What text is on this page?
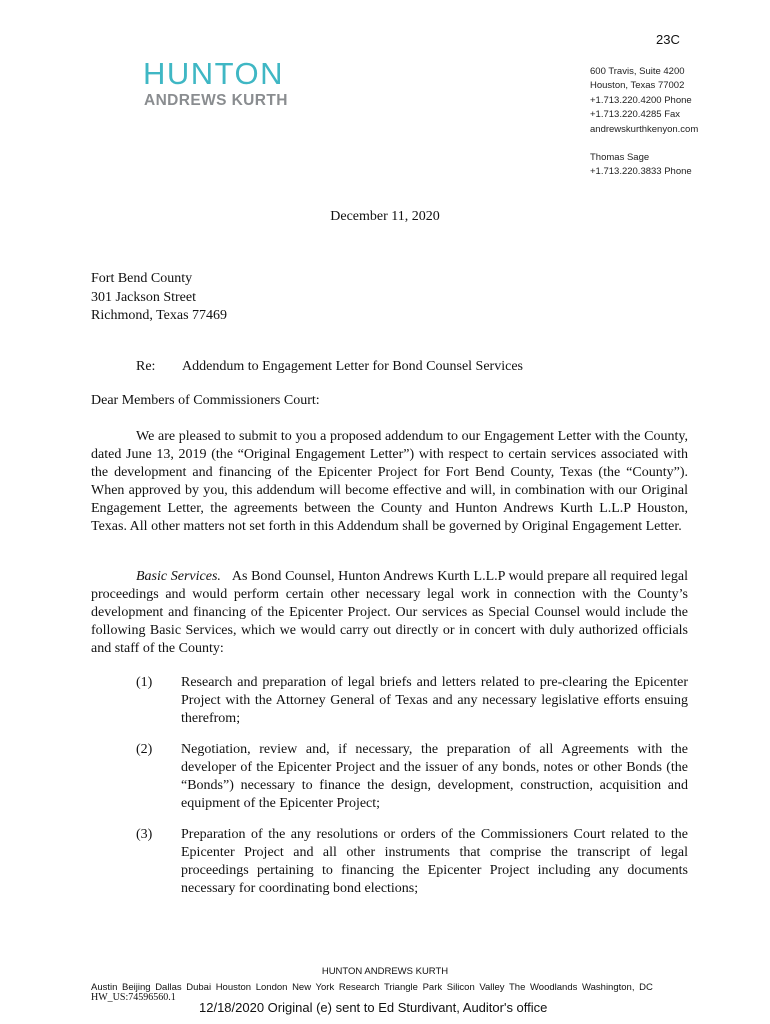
23C
HUNTON
ANDREWS KURTH
600 Travis, Suite 4200
Houston, Texas 77002
+1.713.220.4200 Phone
+1.713.220.4285 Fax
andrewskurthkenyon.com
Thomas Sage
+1.713.220.3833 Phone
December 11, 2020
Fort Bend County
301 Jackson Street
Richmond, Texas 77469
Re: Addendum to Engagement Letter for Bond Counsel Services
Dear Members of Commissioners Court:
We are pleased to submit to you a proposed addendum to our Engagement Letter with the County, dated June 13, 2019 (the “Original Engagement Letter”) with respect to certain services associated with the development and financing of the Epicenter Project for Fort Bend County, Texas (the “County”). When approved by you, this addendum will become effective and will, in combination with our Original Engagement Letter, the agreements between the County and Hunton Andrews Kurth L.L.P Houston, Texas. All other matters not set forth in this Addendum shall be governed by Original Engagement Letter.
Basic Services. As Bond Counsel, Hunton Andrews Kurth L.L.P would prepare all required legal proceedings and would perform certain other necessary legal work in connection with the County’s development and financing of the Epicenter Project. Our services as Special Counsel would include the following Basic Services, which we would carry out directly or in concert with duly authorized officials and staff of the County:
(1) Research and preparation of legal briefs and letters related to pre-clearing the Epicenter Project with the Attorney General of Texas and any necessary legislative efforts ensuing therefrom;
(2) Negotiation, review and, if necessary, the preparation of all Agreements with the developer of the Epicenter Project and the issuer of any bonds, notes or other Bonds (the “Bonds”) necessary to finance the design, development, construction, acquisition and equipment of the Epicenter Project;
(3) Preparation of the any resolutions or orders of the Commissioners Court related to the Epicenter Project and all other instruments that comprise the transcript of legal proceedings pertaining to financing the Epicenter Project including any documents necessary for coordinating bond elections;
HUNTON ANDREWS KURTH
Austin Beijing Dallas Dubai Houston London New York Research Triangle Park Silicon Valley The Woodlands Washington, DC
HW_US:74596560.1
12/18/2020 Original (e) sent to Ed Sturdivant, Auditor's office
